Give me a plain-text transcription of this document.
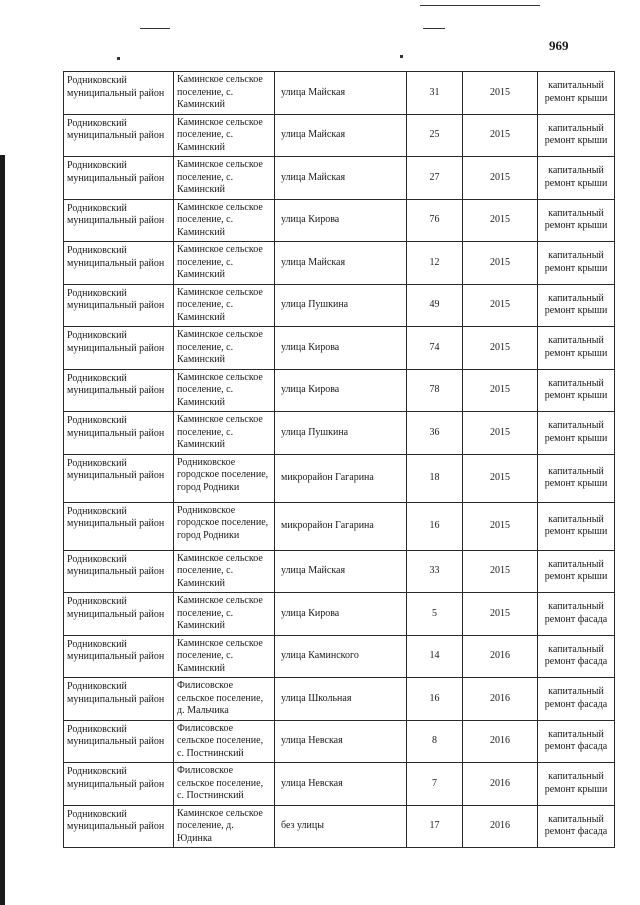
969
Родниковский муниципальный район	Каминское сельское поселение, с. Каминский	улица Майская	31	2015	капитальный ремонт крыши
Родниковский муниципальный район	Каминское сельское поселение, с. Каминский	улица Майская	25	2015	капитальный ремонт крыши
Родниковский муниципальный район	Каминское сельское поселение, с. Каминский	улица Майская	27	2015	капитальный ремонт крыши
Родниковский муниципальный район	Каминское сельское поселение, с. Каминский	улица Кирова	76	2015	капитальный ремонт крыши
Родниковский муниципальный район	Каминское сельское поселение, с. Каминский	улица Майская	12	2015	капитальный ремонт крыши
Родниковский муниципальный район	Каминское сельское поселение, с. Каминский	улица Пушкина	49	2015	капитальный ремонт крыши
Родниковский муниципальный район	Каминское сельское поселение, с. Каминский	улица Кирова	74	2015	капитальный ремонт крыши
Родниковский муниципальный район	Каминское сельское поселение, с. Каминский	улица Кирова	78	2015	капитальный ремонт крыши
Родниковский муниципальный район	Каминское сельское поселение, с. Каминский	улица Пушкина	36	2015	капитальный ремонт крыши
Родниковский муниципальный район	Родниковское городское поселение, город Родники	микрорайон Гагарина	18	2015	капитальный ремонт крыши
Родниковский муниципальный район	Родниковское городское поселение, город Родники	микрорайон Гагарина	16	2015	капитальный ремонт крыши
Родниковский муниципальный район	Каминское сельское поселение, с. Каминский	улица Майская	33	2015	капитальный ремонт крыши
Родниковский муниципальный район	Каминское сельское поселение, с. Каминский	улица Кирова	5	2015	капитальный ремонт фасада
Родниковский муниципальный район	Каминское сельское поселение, с. Каминский	улица Каминского	14	2016	капитальный ремонт фасада
Родниковский муниципальный район	Филисовское сельское поселение, д. Мальчика	улица Школьная	16	2016	капитальный ремонт фасада
Родниковский муниципальный район	Филисовское сельское поселение, с. Постнинский	улица Невская	8	2016	капитальный ремонт фасада
Родниковский муниципальный район	Филисовское сельское поселение, с. Постнинский	улица Невская	7	2016	капитальный ремонт крыши
Родниковский муниципальный район	Каминское сельское поселение, д. Юдинка	без улицы	17	2016	капитальный ремонт фасада
